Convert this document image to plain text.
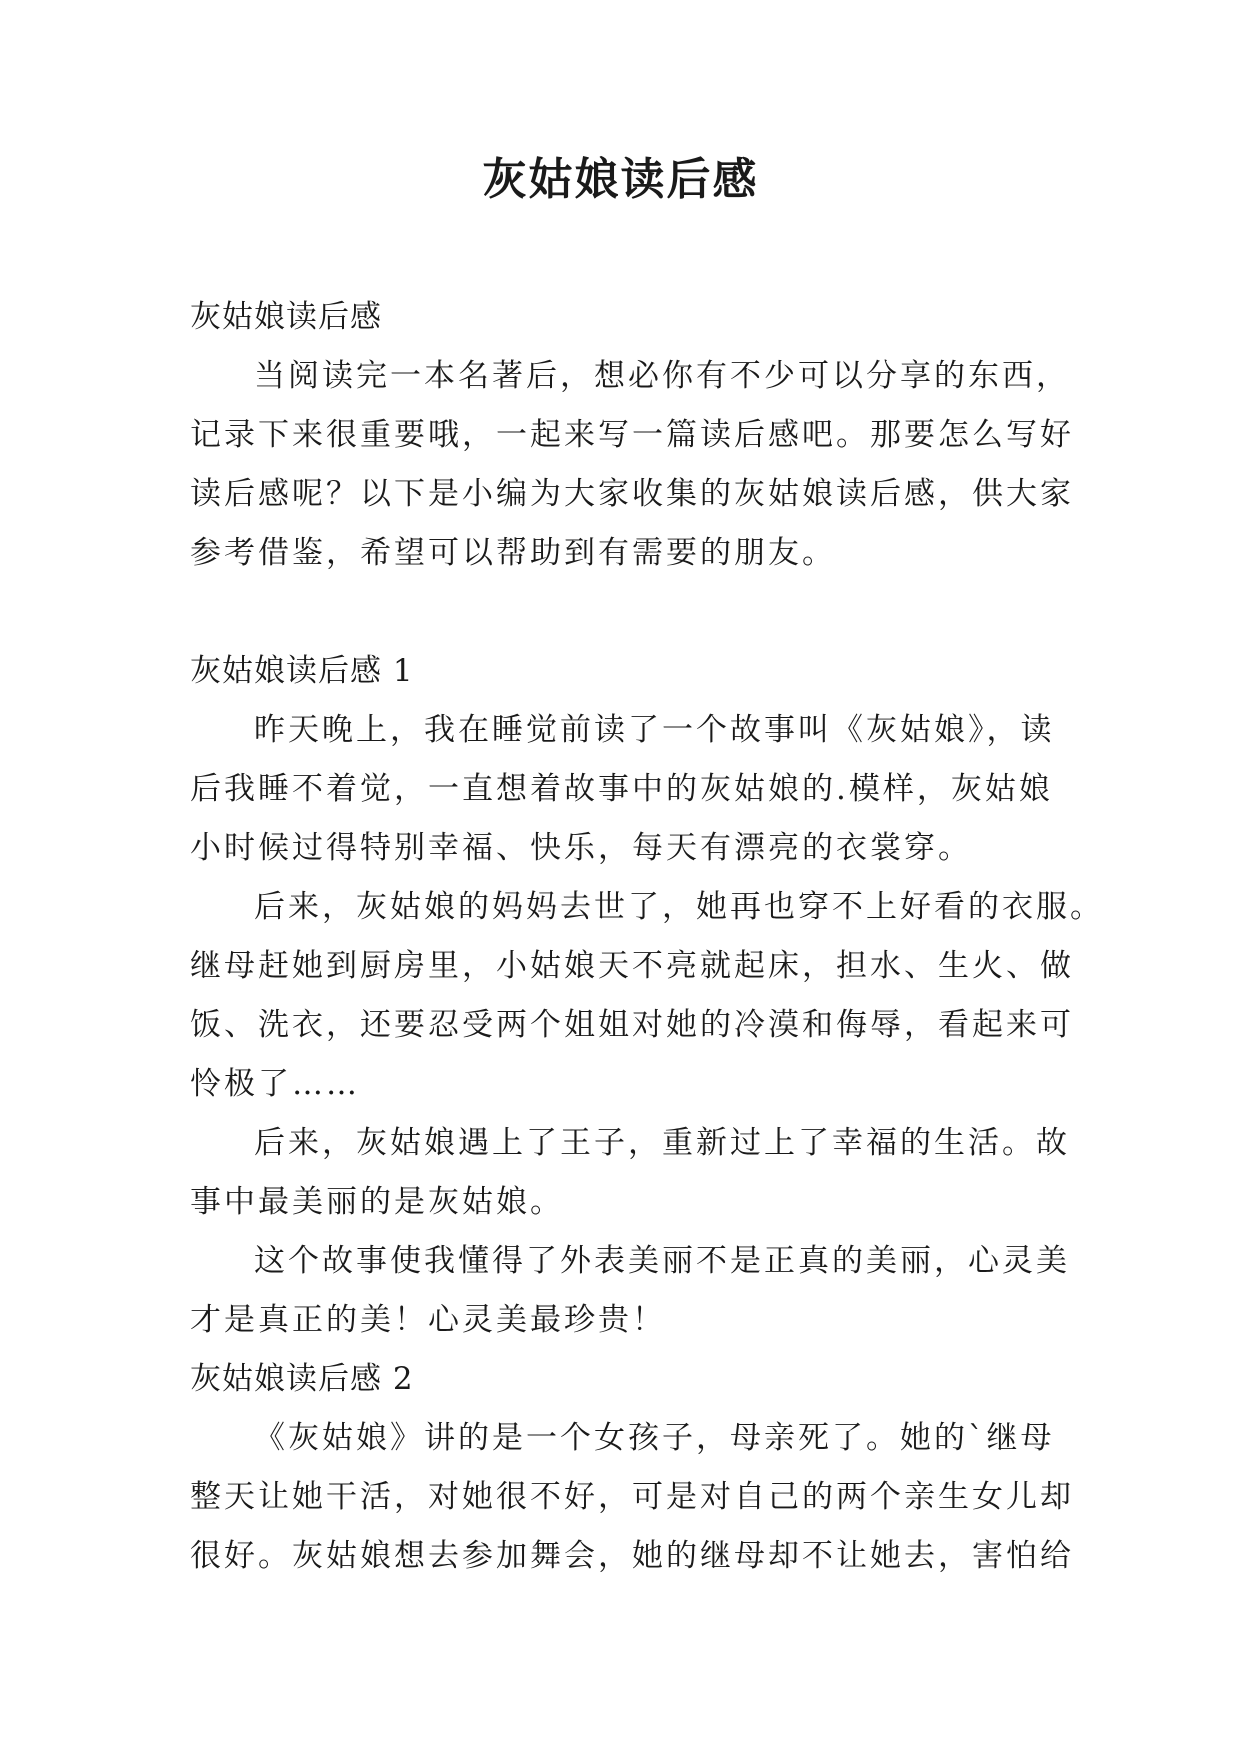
灰姑娘读后感
灰姑娘读后感
当阅读完一本名著后，想必你有不少可以分享的东西，
记录下来很重要哦，一起来写一篇读后感吧。那要怎么写好
读后感呢？以下是小编为大家收集的灰姑娘读后感，供大家
参考借鉴，希望可以帮助到有需要的朋友。
灰姑娘读后感 1
昨天晚上，我在睡觉前读了一个故事叫《灰姑娘》，读
后我睡不着觉，一直想着故事中的灰姑娘的.模样，灰姑娘
小时候过得特别幸福、快乐，每天有漂亮的衣裳穿。
后来，灰姑娘的妈妈去世了，她再也穿不上好看的衣服。
继母赶她到厨房里，小姑娘天不亮就起床，担水、生火、做
饭、洗衣，还要忍受两个姐姐对她的冷漠和侮辱，看起来可
怜极了……
后来，灰姑娘遇上了王子，重新过上了幸福的生活。故
事中最美丽的是灰姑娘。
这个故事使我懂得了外表美丽不是正真的美丽，心灵美
才是真正的美！心灵美最珍贵！
灰姑娘读后感 2
《灰姑娘》讲的是一个女孩子，母亲死了。她的`继母
整天让她干活，对她很不好，可是对自己的两个亲生女儿却
很好。灰姑娘想去参加舞会，她的继母却不让她去，害怕给
